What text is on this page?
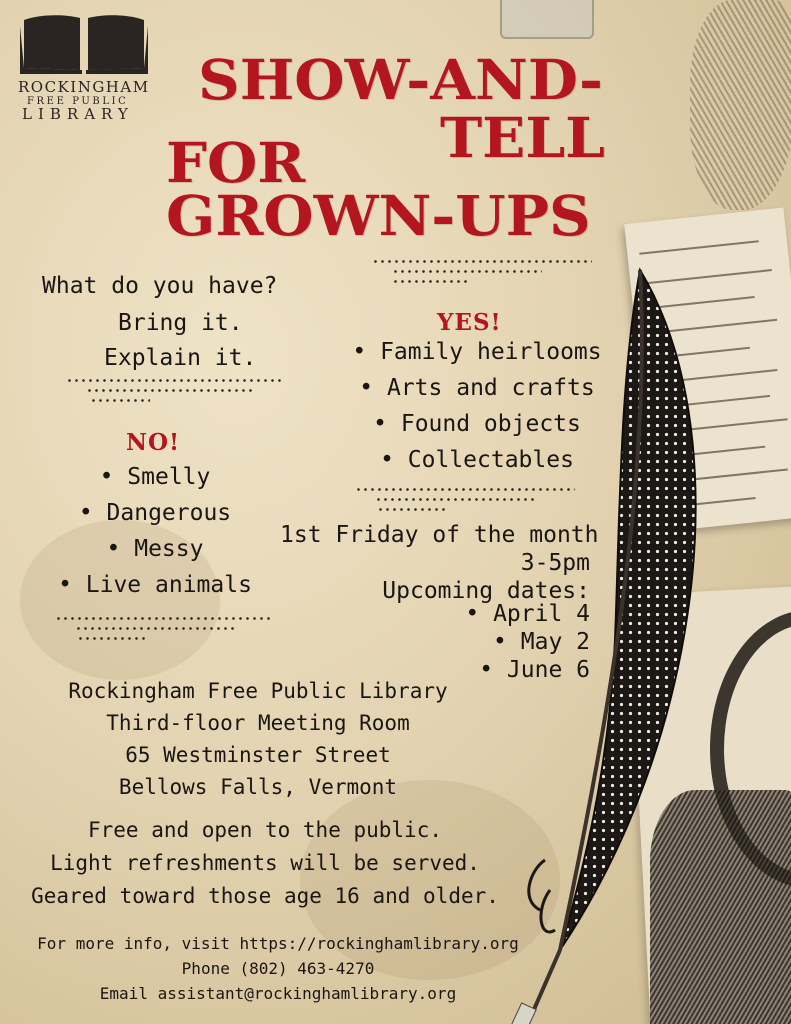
ROCKINGHAM
FREE PUBLIC
LIBRARY
SHOW-AND-
TELL
FOR
GROWN-UPS
What do you have?
Bring it.
Explain it.
NO!
• Smelly
• Dangerous
• Messy
• Live animals
YES!
• Family heirlooms
• Arts and crafts
• Found objects
• Collectables
1st Friday of the month
3-5pm
Upcoming dates:
• April 4
• May 2
• June 6
Rockingham Free Public Library
Third-floor Meeting Room
65 Westminster Street
Bellows Falls, Vermont
Free and open to the public.
Light refreshments will be served.
Geared toward those age 16 and older.
For more info, visit https://rockinghamlibrary.org
Phone (802) 463-4270
Email assistant@rockinghamlibrary.org
